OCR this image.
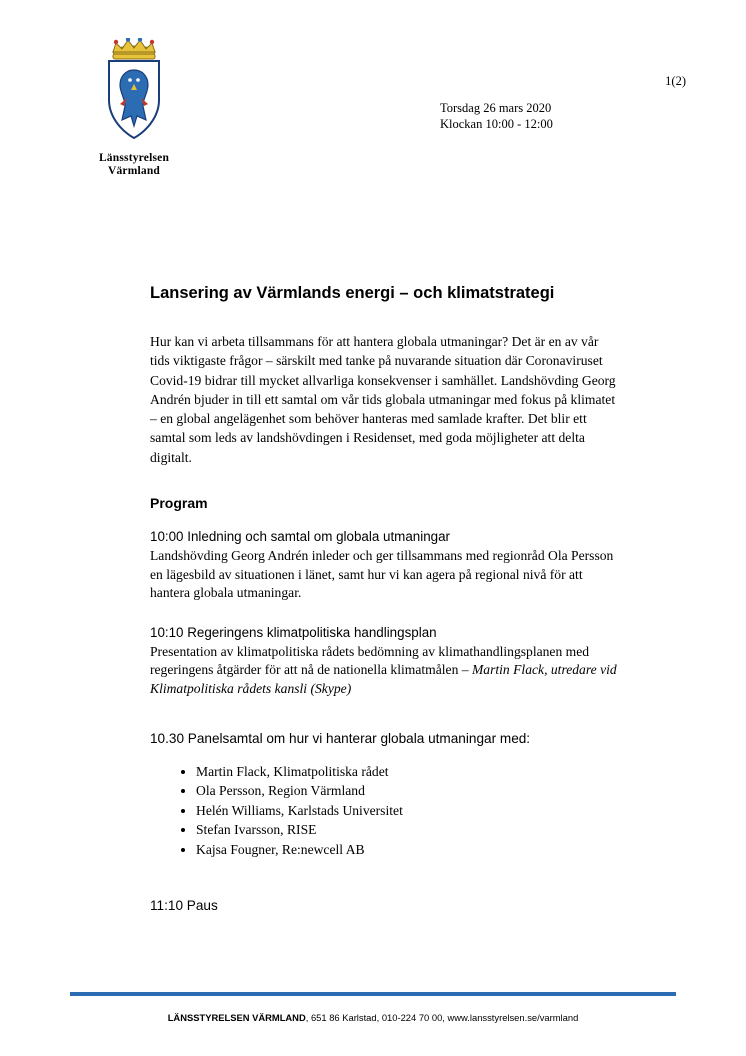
Länsstyrelsen
Värmland
Torsdag 26 mars 2020
Klockan 10:00 - 12:00
1(2)
Lansering av Värmlands energi – och klimatstrategi

Hur kan vi arbeta tillsammans för att hantera globala utmaningar? Det är en av vår tids viktigaste frågor – särskilt med tanke på nuvarande situation där Coronaviruset Covid-19 bidrar till mycket allvarliga konsekvenser i samhället. Landshövding Georg Andrén bjuder in till ett samtal om vår tids globala utmaningar med fokus på klimatet – en global angelägenhet som behöver hanteras med samlade krafter. Det blir ett samtal som leds av landshövdingen i Residenset, med goda möjligheter att delta digitalt.

Program

10:00 Inledning och samtal om globala utmaningar

Landshövding Georg Andrén inleder och ger tillsammans med regionråd Ola Persson en lägesbild av situationen i länet, samt hur vi kan agera på regional nivå för att hantera globala utmaningar.

10:10 Regeringens klimatpolitiska handlingsplan

Presentation av klimatpolitiska rådets bedömning av klimathandlingsplanen med regeringens åtgärder för att nå de nationella klimatmålen – Martin Flack, utredare vid Klimatpolitiska rådets kansli (Skype)

10.30 Panelsamtal om hur vi hanterar globala utmaningar med:

• Martin Flack, Klimatpolitiska rådet
• Ola Persson, Region Värmland
• Helén Williams, Karlstads Universitet
• Stefan Ivarsson, RISE
• Kajsa Fougner, Re:newcell AB

11:10 Paus

LÄNSSTYRELSEN VÄRMLAND, 651 86 Karlstad, 010-224 70 00, www.lansstyrelsen.se/varmland
